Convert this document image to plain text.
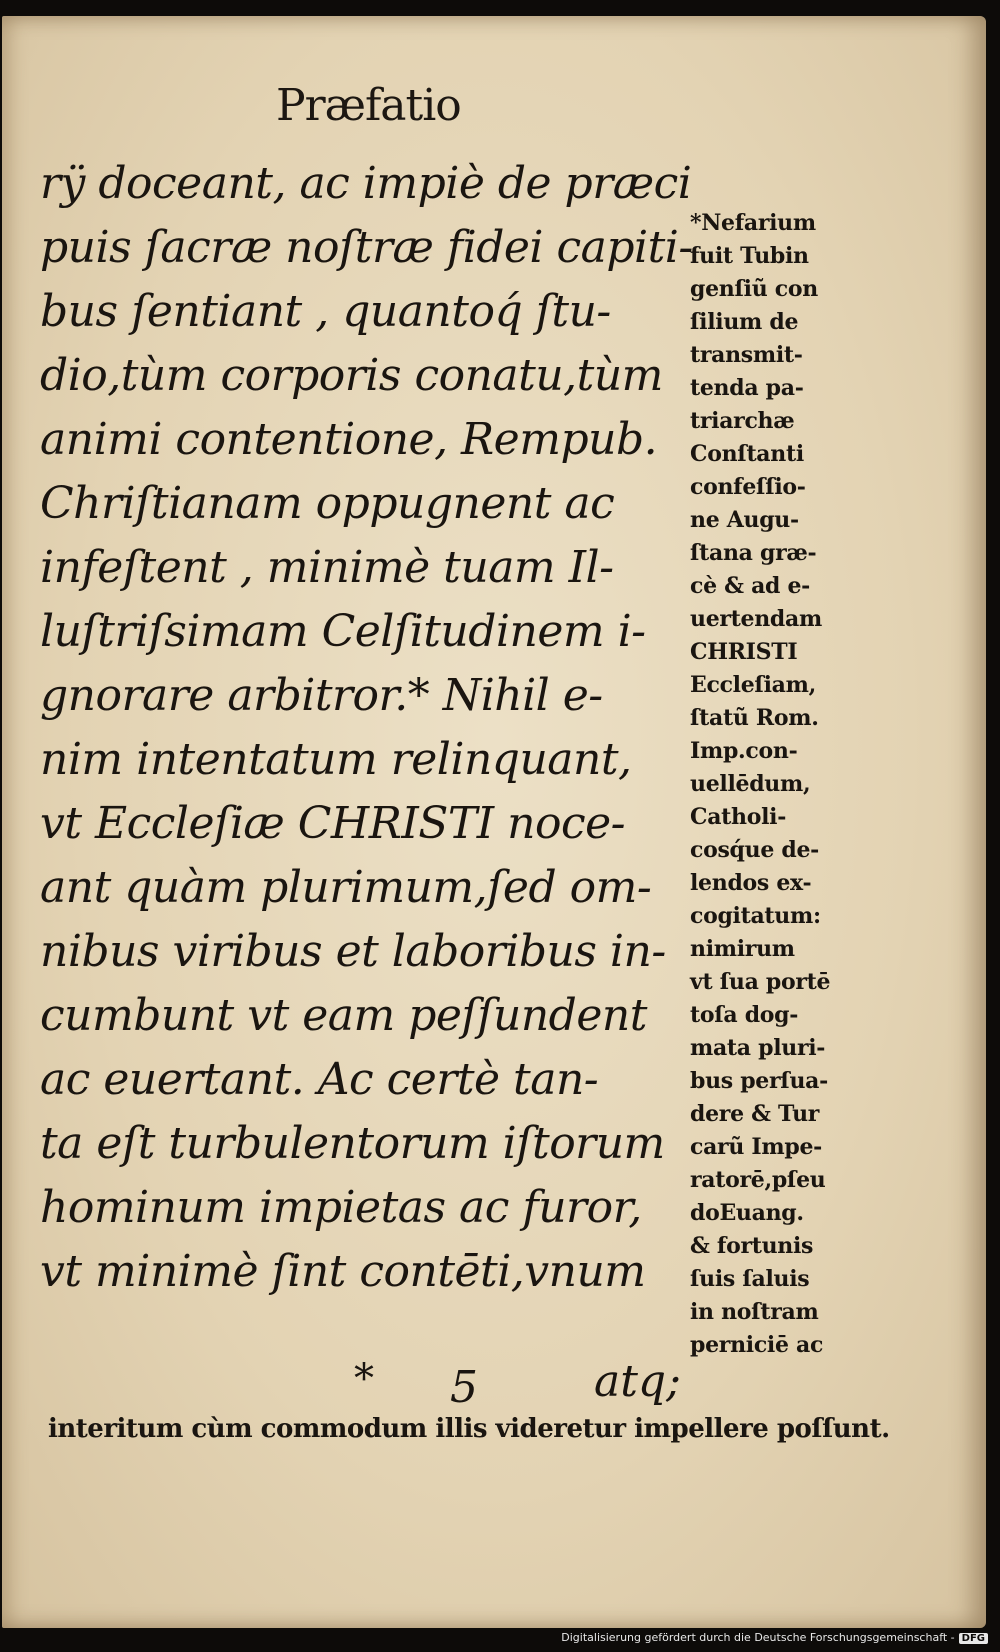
Præfatio
rÿ doceant, ac impiè de præci
puis ſacræ noſtræ fidei capiti-
bus ſentiant , quantoq́ ſtu-
dio,tùm corporis conatu,tùm
animi contentione, Rempub.
Chriſtianam oppugnent ac
infeſtent , minimè tuam Il-
luſtriſsimam Celſitudinem i-
gnorare arbitror.* Nihil e-
nim intentatum relinquant,
vt Eccleſiæ CHRISTI noce-
ant quàm plurimum,ſed om-
nibus viribus et laboribus in-
cumbunt vt eam peſſundent
ac euertant. Ac certè tan-
ta eſt turbulentorum iſtorum
hominum impietas ac furor,
vt minimè ſint contēti,vnum
* 5	atq;
interitum cùm commodum illis videretur impellere poſſunt.
*Nefarium
fuit Tubin
genſiũ con
ſilium de
transmit-
tenda pa-
triarchæ
Conſtanti
confeſſio-
ne Augu-
ſtana græ-
cè & ad e-
uertendam
CHRISTI
Eccleſiam,
ſtatũ Rom.
Imp.con-
uellēdum,
Catholi-
cosq́ue de-
lendos ex-
cogitatum:
nimirum
vt ſua portē
toſa dog-
mata pluri-
bus perſua-
dere & Tur
carũ Impe-
ratorē,pſeu
doEuang.
& fortunis
ſuis ſaluis
in noſtram
perniciē ac
Digitalisierung gefördert durch die Deutsche Forschungsgemeinschaft - DFG
